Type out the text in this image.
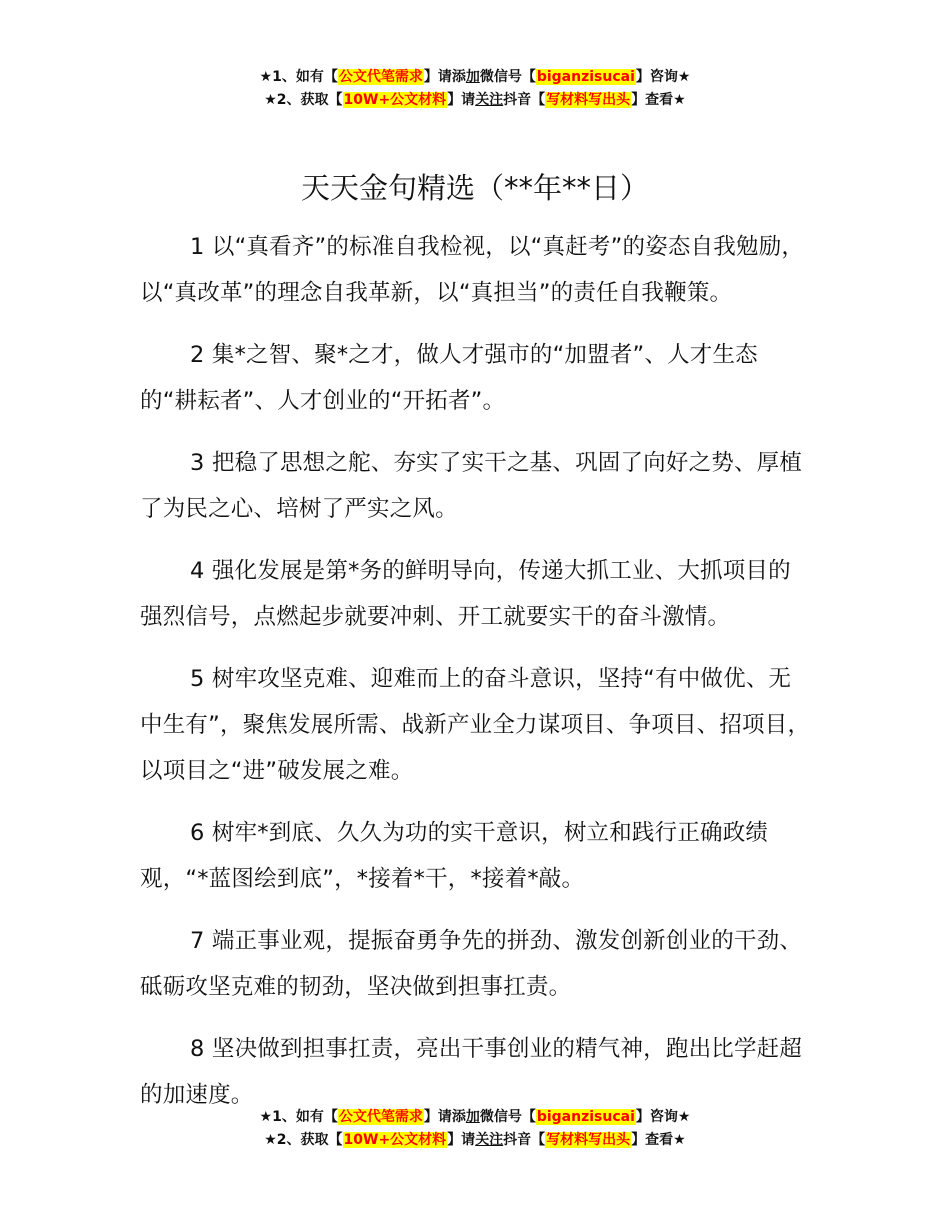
★1、如有【公文代笔需求】请添加微信号【biganzisucai】咨询★
★2、获取【10W+公文材料】请关注抖音【写材料写出头】查看★
天天金句精选（**年**日）

1 以“真看齐”的标准自我检视，以“真赶考”的姿态自我勉励，以“真改革”的理念自我革新，以“真担当”的责任自我鞭策。

2 集*之智、聚*之才，做人才强市的“加盟者”、人才生态的“耕耘者”、人才创业的“开拓者”。

3 把稳了思想之舵、夯实了实干之基、巩固了向好之势、厚植了为民之心、培树了严实之风。

4 强化发展是第*务的鲜明导向，传递大抓工业、大抓项目的强烈信号，点燃起步就要冲刺、开工就要实干的奋斗激情。

5 树牢攻坚克难、迎难而上的奋斗意识，坚持“有中做优、无中生有”，聚焦发展所需、战新产业全力谋项目、争项目、招项目，以项目之“进”破发展之难。

6 树牢*到底、久久为功的实干意识，树立和践行正确政绩观，“*蓝图绘到底”，*接着*干，*接着*敲。

7 端正事业观，提振奋勇争先的拼劲、激发创新创业的干劲、砥砺攻坚克难的韧劲，坚决做到担事扛责。

8 坚决做到担事扛责，亮出干事创业的精气神，跑出比学赶超的加速度。

★1、如有【公文代笔需求】请添加微信号【biganzisucai】咨询★
★2、获取【10W+公文材料】请关注抖音【写材料写出头】查看★
